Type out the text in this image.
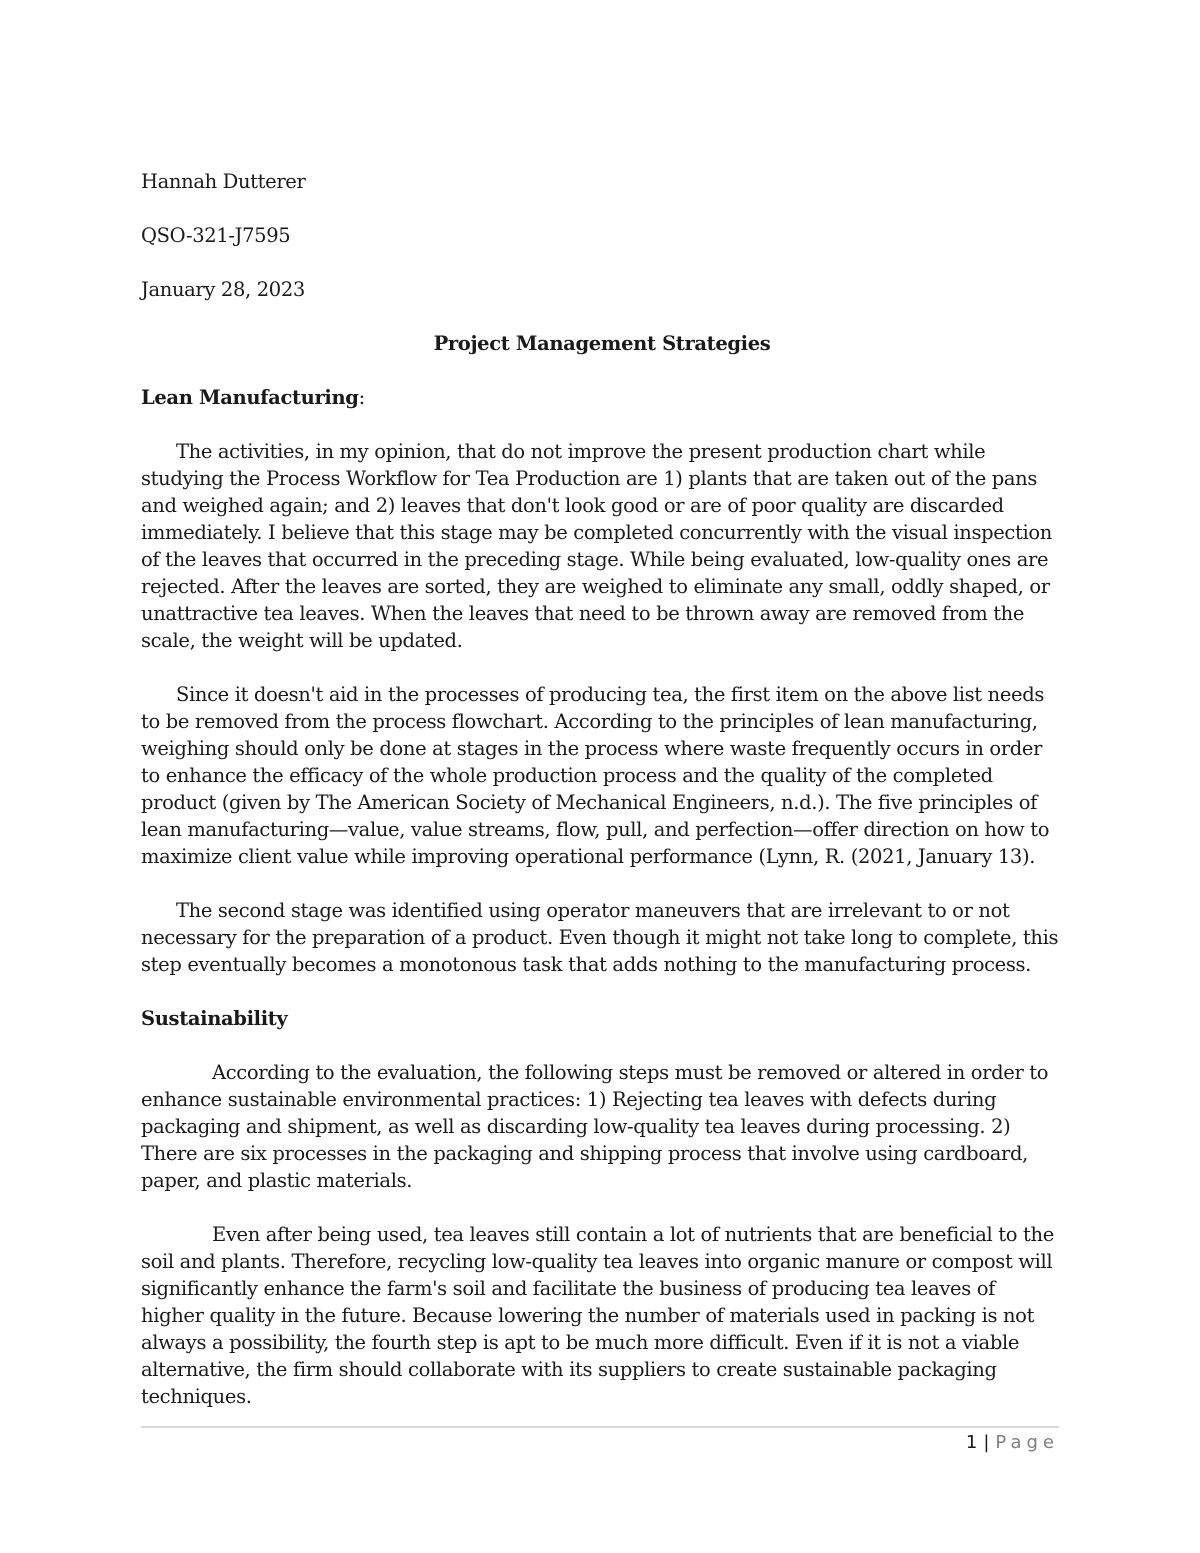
Hannah Dutterer
QSO-321-J7595
January 28, 2023
Project Management Strategies
Lean Manufacturing:

The activities, in my opinion, that do not improve the present production chart while studying the Process Workflow for Tea Production are 1) plants that are taken out of the pans and weighed again; and 2) leaves that don't look good or are of poor quality are discarded immediately. I believe that this stage may be completed concurrently with the visual inspection of the leaves that occurred in the preceding stage. While being evaluated, low-quality ones are rejected. After the leaves are sorted, they are weighed to eliminate any small, oddly shaped, or unattractive tea leaves. When the leaves that need to be thrown away are removed from the scale, the weight will be updated.

Since it doesn't aid in the processes of producing tea, the first item on the above list needs to be removed from the process flowchart. According to the principles of lean manufacturing, weighing should only be done at stages in the process where waste frequently occurs in order to enhance the efficacy of the whole production process and the quality of the completed product (given by The American Society of Mechanical Engineers, n.d.). The five principles of lean manufacturing—value, value streams, flow, pull, and perfection—offer direction on how to maximize client value while improving operational performance (Lynn, R. (2021, January 13).

The second stage was identified using operator maneuvers that are irrelevant to or not necessary for the preparation of a product. Even though it might not take long to complete, this step eventually becomes a monotonous task that adds nothing to the manufacturing process.

Sustainability

According to the evaluation, the following steps must be removed or altered in order to enhance sustainable environmental practices: 1) Rejecting tea leaves with defects during packaging and shipment, as well as discarding low-quality tea leaves during processing. 2) There are six processes in the packaging and shipping process that involve using cardboard, paper, and plastic materials.

Even after being used, tea leaves still contain a lot of nutrients that are beneficial to the soil and plants. Therefore, recycling low-quality tea leaves into organic manure or compost will significantly enhance the farm's soil and facilitate the business of producing tea leaves of higher quality in the future. Because lowering the number of materials used in packing is not always a possibility, the fourth step is apt to be much more difficult. Even if it is not a viable alternative, the firm should collaborate with its suppliers to create sustainable packaging techniques.

1 | Page
